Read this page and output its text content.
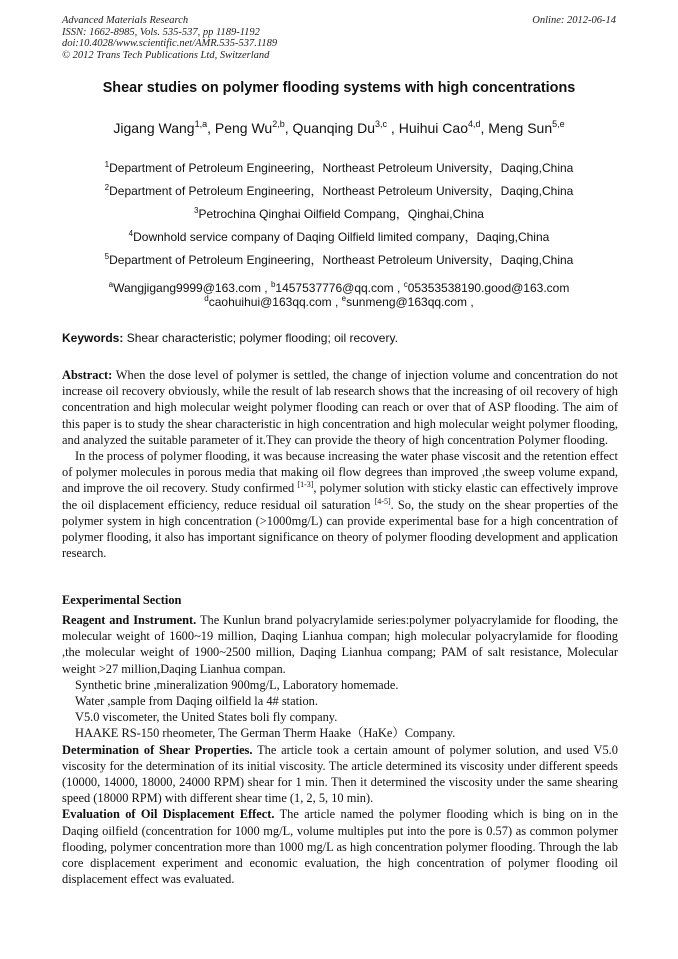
Advanced Materials Research
ISSN: 1662-8985, Vols. 535-537, pp 1189-1192
doi:10.4028/www.scientific.net/AMR.535-537.1189
© 2012 Trans Tech Publications Ltd, Switzerland
Online: 2012-06-14
Shear studies on polymer flooding systems with high concentrations
Jigang Wang$^{1,a}$, Peng Wu$^{2,b}$, Quanqing Du$^{3,c}$ , Huihui Cao$^{4,d}$, Meng Sun$^{5,e}$
$^1$Department of Petroleum Engineering，Northeast Petroleum University，Daqing,China
$^2$Department of Petroleum Engineering，Northeast Petroleum University，Daqing,China
$^3$Petrochina Qinghai Oilfield Compang，Qinghai,China
$^4$Downhold service company of Daqing Oilfield limited company，Daqing,China
$^5$Department of Petroleum Engineering，Northeast Petroleum University，Daqing,China
$^a$Wangjigang9999@163.com , $^b$1457537776@qq.com , $^c$05353538190.good@163.com
$^d$caohuihui@163qq.com , $^e$sunmeng@163qq.com ,
Keywords: Shear characteristic; polymer flooding; oil recovery.

Abstract: When the dose level of polymer is settled, the change of injection volume and concentration do not increase oil recovery obviously, while the result of lab research shows that the increasing of oil recovery of high concentration and high molecular weight polymer flooding can reach or over that of ASP flooding. The aim of this paper is to study the shear characteristic in high concentration and high molecular weight polymer flooding, and analyzed the suitable parameter of it.They can provide the theory of high concentration Polymer flooding.

In the process of polymer flooding, it was because increasing the water phase viscosit and the retention effect of polymer molecules in porous media that making oil flow degrees than improved ,the sweep volume expand, and improve the oil recovery. Study confirmed [1-3], polymer solution with sticky elastic can effectively improve the oil displacement efficiency, reduce residual oil saturation [4-5]. So, the study on the shear properties of the polymer system in high concentration (>1000mg/L) can provide experimental base for a high concentration of polymer flooding, it also has important significance on theory of polymer flooding development and application research.

Eexperimental Section

Reagent and Instrument. The Kunlun brand polyacrylamide series:polymer polyacrylamide for flooding, the molecular weight of 1600~19 million, Daqing Lianhua compan; high molecular polyacrylamide for flooding ,the molecular weight of 1900~2500 million, Daqing Lianhua compang; PAM of salt resistance, Molecular weight >27 million,Daqing Lianhua compan.

Synthetic brine ,mineralization 900mg/L, Laboratory homemade.

Water ,sample from Daqing oilfield la 4# station.

V5.0 viscometer, the United States boli fly company.

HAAKE RS-150 rheometer, The German Therm Haake（HaKe）Company.

Determination of Shear Properties. The article took a certain amount of polymer solution, and used V5.0 viscosity for the determination of its initial viscosity. The article determined its viscosity under different speeds (10000, 14000, 18000, 24000 RPM) shear for 1 min. Then it determined the viscosity under the same shearing speed (18000 RPM) with different shear time (1, 2, 5, 10 min).

Evaluation of Oil Displacement Effect. The article named the polymer flooding which is bing on in the Daqing oilfield (concentration for 1000 mg/L, volume multiples put into the pore is 0.57) as common polymer flooding, polymer concentration more than 1000 mg/L as high concentration polymer flooding. Through the lab core displacement experiment and economic evaluation, the high concentration of polymer flooding oil displacement effect was evaluated.
